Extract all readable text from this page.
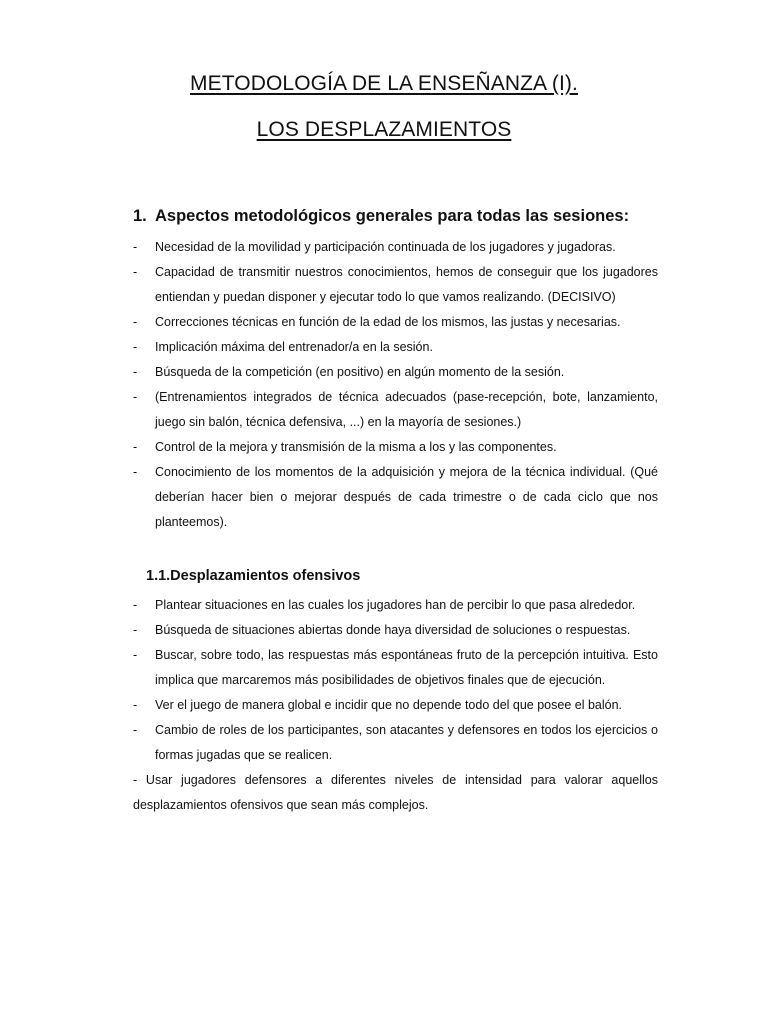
METODOLOGÍA DE LA ENSEÑANZA (I).
LOS DESPLAZAMIENTOS
1. Aspectos metodológicos generales para todas las sesiones:
- Necesidad de la movilidad y participación continuada de los jugadores y jugadoras.
- Capacidad de transmitir nuestros conocimientos, hemos de conseguir que los jugadores entiendan y puedan disponer y ejecutar todo lo que vamos realizando. (DECISIVO)
- Correcciones técnicas en función de la edad de los mismos, las justas y necesarias.
- Implicación máxima del entrenador/a en la sesión.
- Búsqueda de la competición (en positivo) en algún momento de la sesión.
- (Entrenamientos integrados de técnica adecuados (pase-recepción, bote, lanzamiento, juego sin balón, técnica defensiva, ...) en la mayoría de sesiones.)
- Control de la mejora y transmisión de la misma a los y las componentes.
- Conocimiento de los momentos de la adquisición y mejora de la técnica individual. (Qué deberían hacer bien o mejorar después de cada trimestre o de cada ciclo que nos planteemos).
1.1.Desplazamientos ofensivos
- Plantear situaciones en las cuales los jugadores han de percibir lo que pasa alrededor.
- Búsqueda de situaciones abiertas donde haya diversidad de soluciones o respuestas.
- Buscar, sobre todo, las respuestas más espontáneas fruto de la percepción intuitiva. Esto implica que marcaremos más posibilidades de objetivos finales que de ejecución.
- Ver el juego de manera global e incidir que no depende todo del que posee el balón.
- Cambio de roles de los participantes, son atacantes y defensores en todos los ejercicios o formas jugadas que se realicen.

- Usar jugadores defensores a diferentes niveles de intensidad para valorar aquellos desplazamientos ofensivos que sean más complejos.
